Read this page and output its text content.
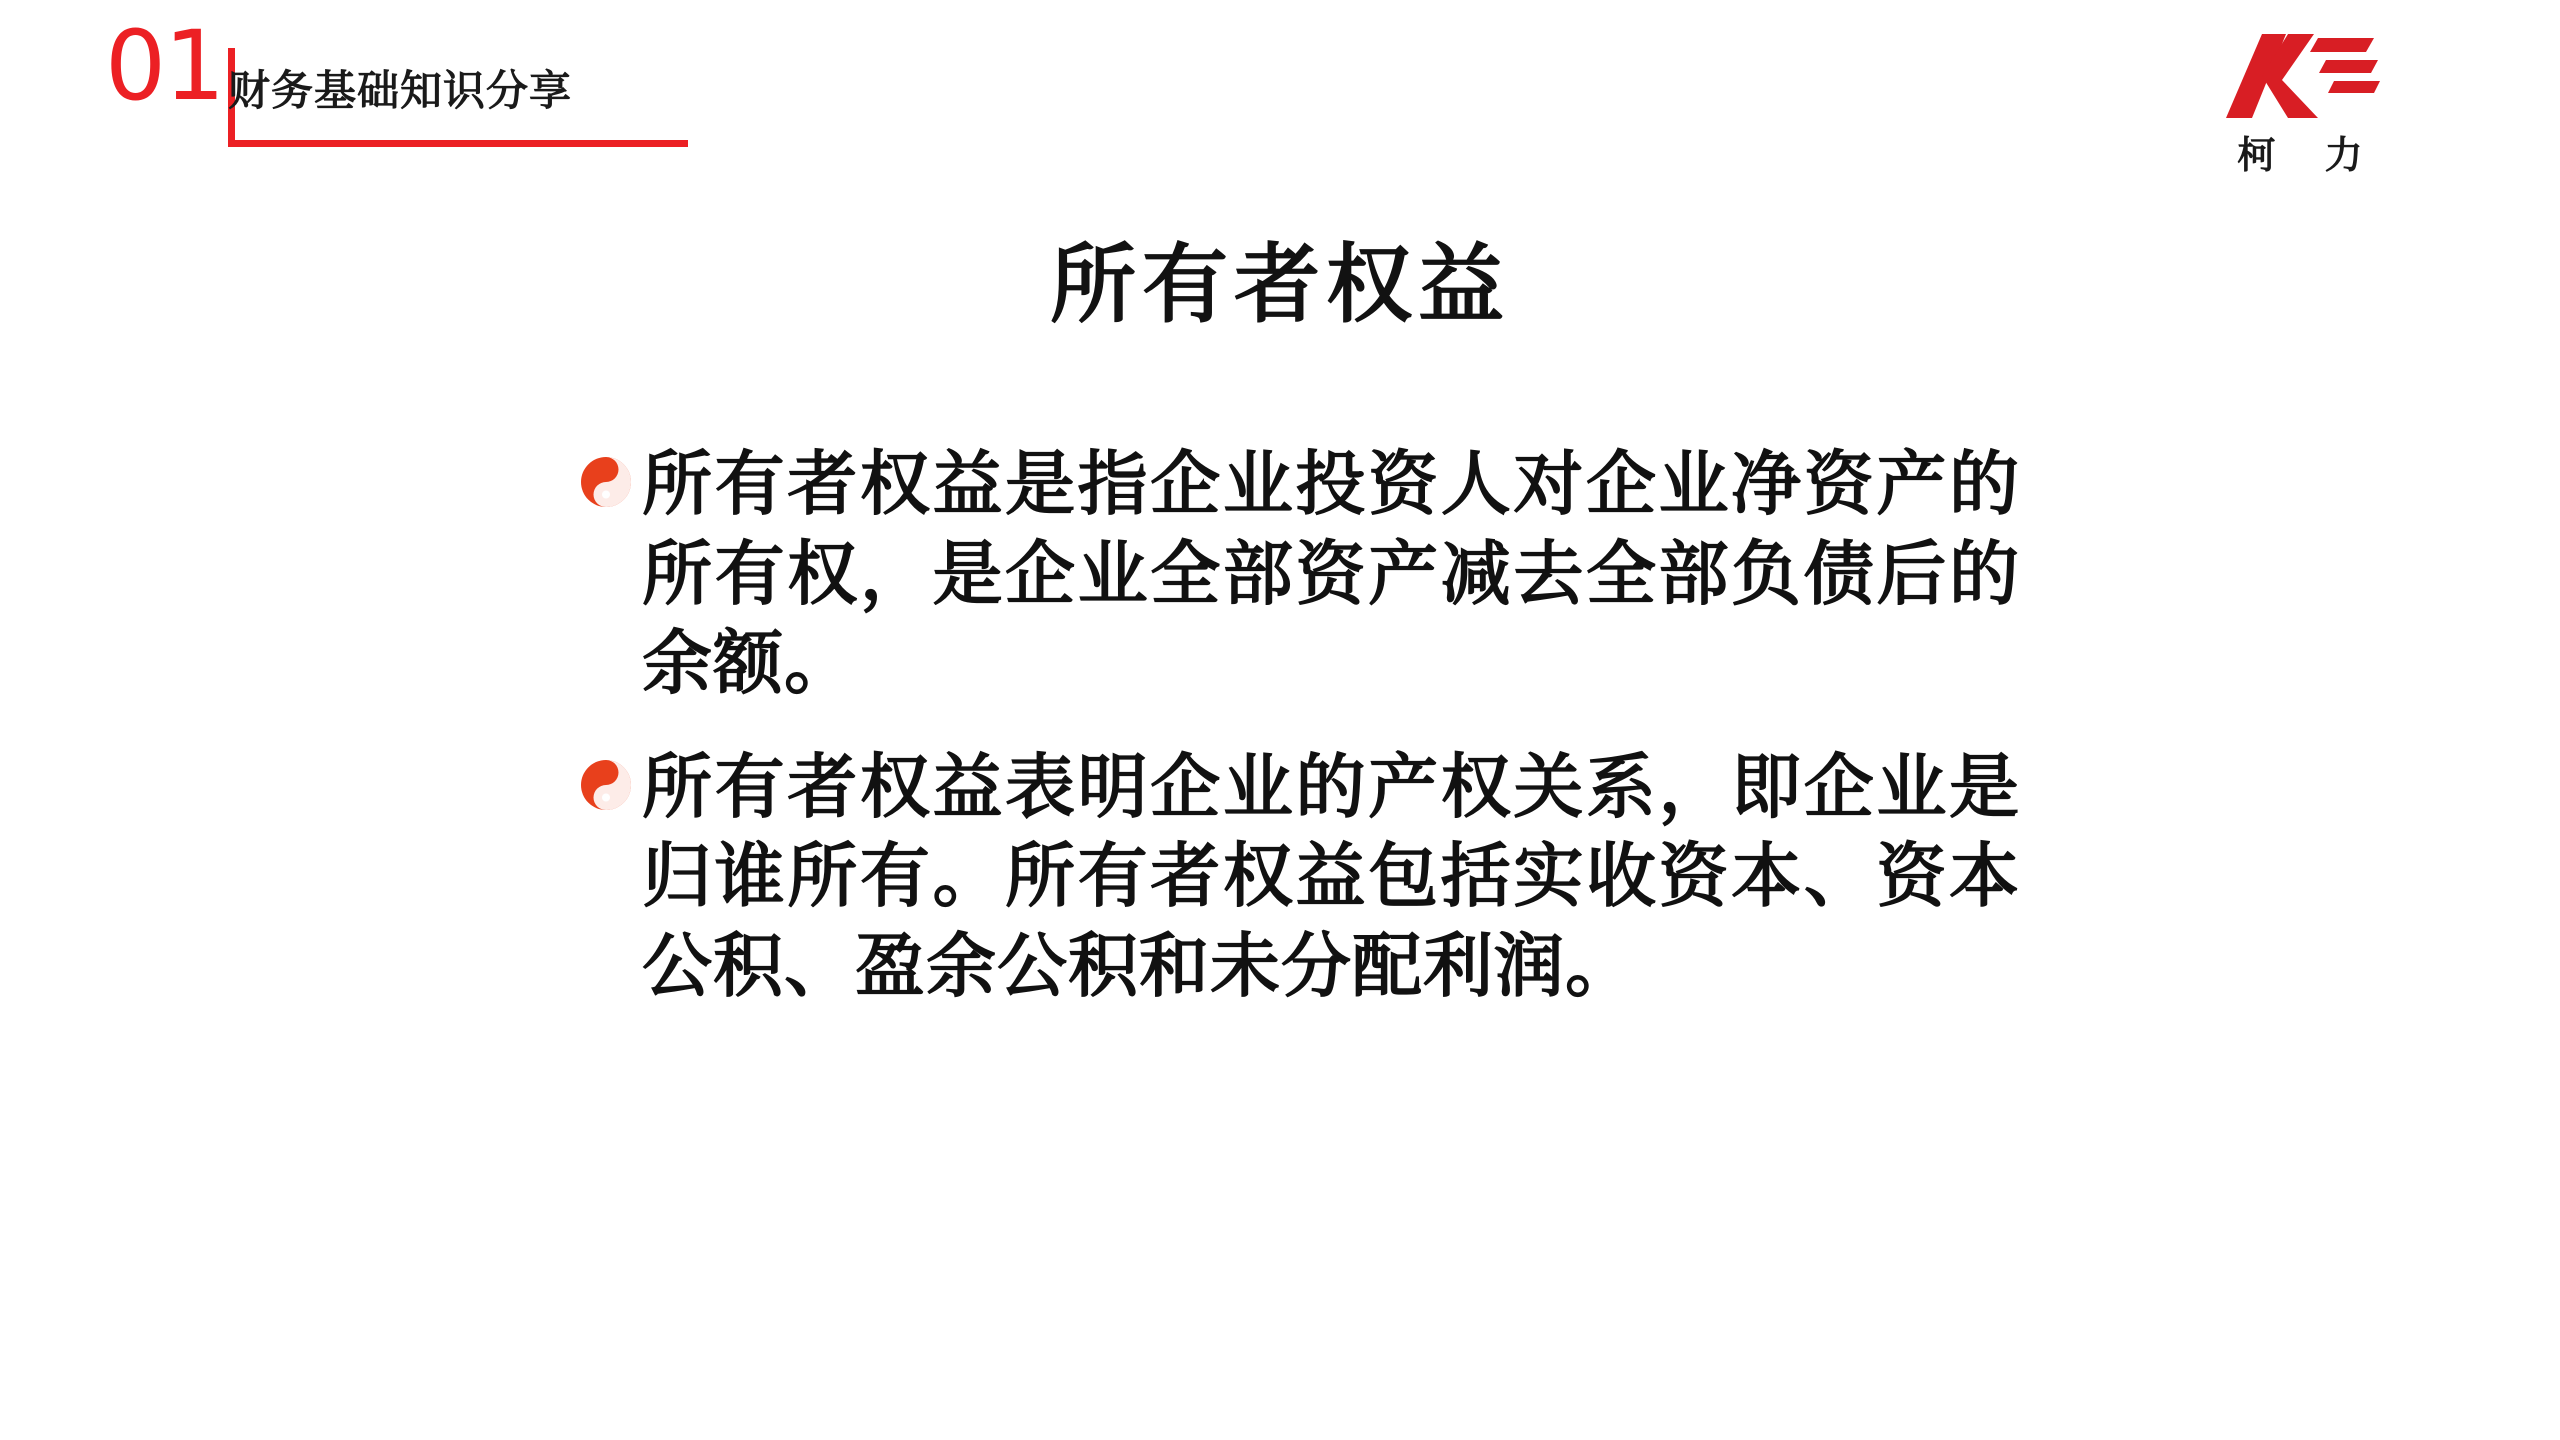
01 财务基础知识分享
柯 力
所有者权益
所有者权益是指企业投资人对企业净资产的所有权，是企业全部资产减去全部负债后的余额。
所有者权益表明企业的产权关系，即企业是归谁所有。所有者权益包括实收资本、资本公积、盈余公积和未分配利润。
